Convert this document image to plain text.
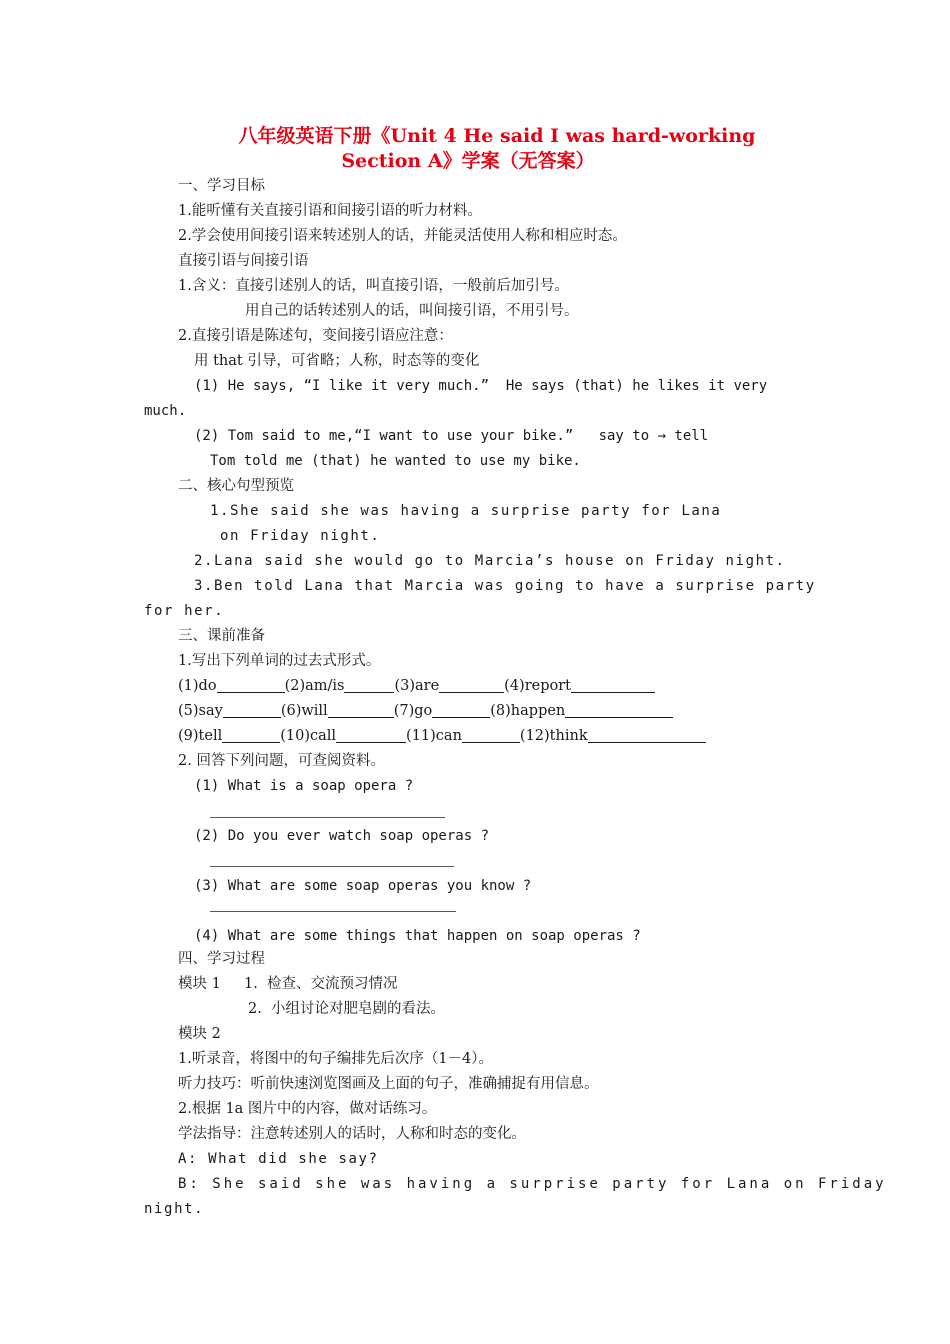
八年级英语下册《Unit 4 He said I was hard-working
Section A》学案（无答案）

一、学习目标

1.能听懂有关直接引语和间接引语的听力材料。

2.学会使用间接引语来转述别人的话，并能灵活使用人称和相应时态。

直接引语与间接引语

1.含义：直接引述别人的话，叫直接引语，一般前后加引号。

用自己的话转述别人的话，叫间接引语，不用引号。

2.直接引语是陈述句，变间接引语应注意：

用 that 引导，可省略；人称，时态等的变化

(1) He says, “I like it very much.”  He says (that) he likes it very

much.

(2) Tom said to me,“I want to use your bike.”   say to → tell

Tom told me (that) he wanted to use my bike.

二、核心句型预览

1.She said she was having a surprise party for Lana

on Friday night.

2.Lana said she would go to Marcia’s house on Friday night.

3.Ben told Lana that Marcia was going to have a surprise party

for her.

三、课前准备

1.写出下列单词的过去式形式。

(1)do	(2)am/is	(3)are	(4)report

(5)say	(6)will	(7)go	(8)happen

(9)tell	(10)call	(11)can	(12)think

2. 回答下列问题，可查阅资料。

(1) What is a soap opera ?

(2) Do you ever watch soap operas ?

(3) What are some soap operas you know ?

(4) What are some things that happen on soap operas ?

四、学习过程

模块 1 1.  检查、交流预习情况

2.  小组讨论对肥皂剧的看法。

模块 2

1.听录音，将图中的句子编排先后次序（1－4）。

听力技巧：听前快速浏览图画及上面的句子，准确捕捉有用信息。

2.根据 1a 图片中的内容，做对话练习。

学法指导：注意转述别人的话时，人称和时态的变化。

A: What did she say?

B: She said she was having a surprise party for Lana on Friday

night.
